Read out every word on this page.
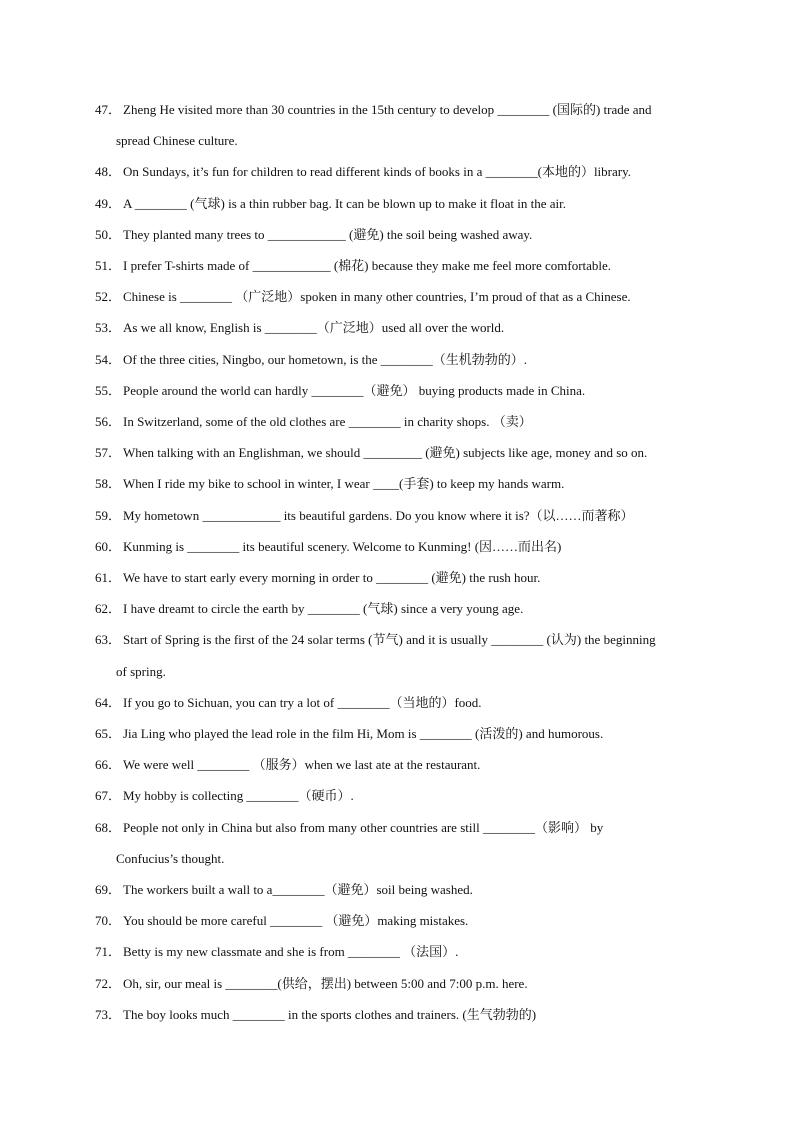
47． Zheng He visited more than 30 countries in the 15th century to develop ________ (国际的) trade and
spread Chinese culture.
48． On Sundays, it’s fun for children to read different kinds of books in a ________(本地的）library.
49． A ________ (气球) is a thin rubber bag. It can be blown up to make it float in the air.
50． They planted many trees to ____________ (避免) the soil being washed away.
51． I prefer T-shirts made of ____________ (棉花) because they make me feel more comfortable.
52． Chinese is ________ （广泛地）spoken in many other countries, I’m proud of that as a Chinese.
53． As we all know, English is ________（广泛地）used all over the world.
54． Of the three cities, Ningbo, our hometown, is the ________（生机勃勃的）.
55． People around the world can hardly ________（避免） buying products made in China.
56． In Switzerland, some of the old clothes are ________ in charity shops. （卖）
57． When talking with an Englishman, we should _________ (避免) subjects like age, money and so on.
58． When I ride my bike to school in winter, I wear ____(手套) to keep my hands warm.
59． My hometown ____________ its beautiful gardens. Do you know where it is?（以……而著称）
60． Kunming is ________ its beautiful scenery. Welcome to Kunming! (因……而出名)
61． We have to start early every morning in order to ________ (避免) the rush hour.
62． I have dreamt to circle the earth by ________ (气球) since a very young age.
63． Start of Spring is the first of the 24 solar terms (节气) and it is usually ________ (认为) the beginning
of spring.
64． If you go to Sichuan, you can try a lot of ________（当地的）food.
65． Jia Ling who played the lead role in the film Hi, Mom is ________ (活泼的) and humorous.
66． We were well ________ （服务）when we last ate at the restaurant.
67． My hobby is collecting ________（硬币）.
68． People not only in China but also from many other countries are still ________（影响） by
Confucius’s thought.
69． The workers built a wall to a________（避免）soil being washed.
70． You should be more careful ________ （避免）making mistakes.
71． Betty is my new classmate and she is from ________ （法国）.
72． Oh, sir, our meal is ________(供给，摆出) between 5:00 and 7:00 p.m. here.
73． The boy looks much ________ in the sports clothes and trainers. (生气勃勃的)
